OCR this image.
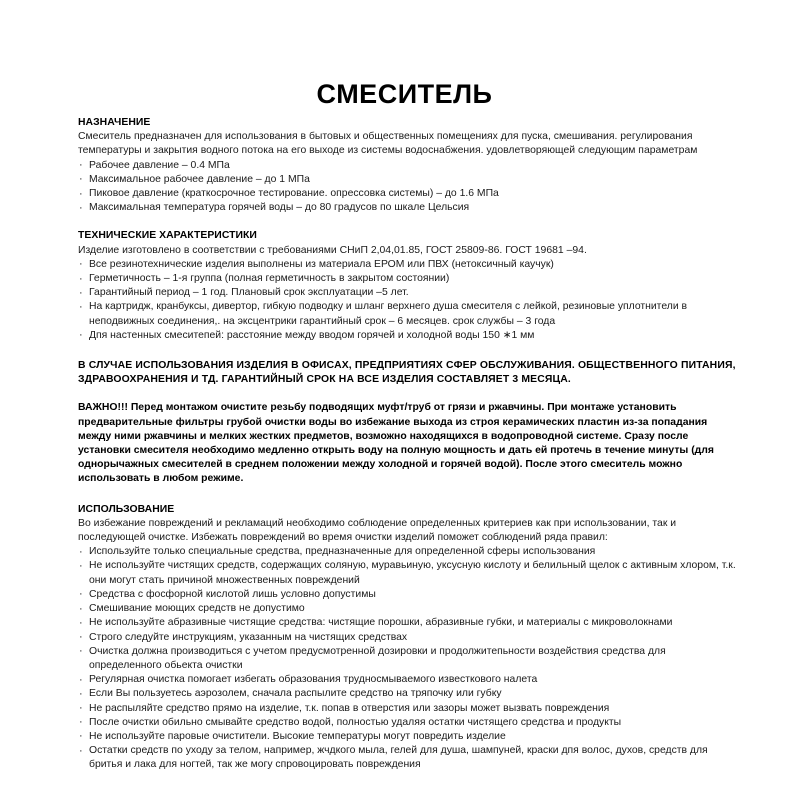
СМЕСИТЕЛЬ
НАЗНАЧЕНИЕ

Смеситель предназначен для использования в бытовых и общественных помещениях для пуска, смешивания. регулирования температуры и закрытия водного потока на его выходе из системы водоснабжения. удовлетворяющей следующим параметрам

· Рабочее давление – 0.4 МПа
· Максимальное рабочее давление – до 1 МПа
· Пиковое давление (краткосрочное тестирование. опрессовка системы) – до 1.6 МПа
· Максимальная температура горячей воды – до 80 градусов по шкале Цельсия
ТЕХНИЧЕСКИЕ ХАРАКТЕРИСТИКИ

Изделие изготовлено в соответствии с требованиями СНиП 2,04,01.85, ГОСТ 25809-86. ГОСТ 19681 –94.

· Все резинотехнические изделия выполнены из материала ЕРОМ или ПВХ (нетоксичный каучук)
· Герметичность – 1-я группа (полная герметичность в закрытом состоянии)
· Гарантийный период – 1 год. Плановый срок эксплуатации –5 лет.
· На картридж, кранбуксы, дивертор, гибкую подводку и шланг верхнего душа смесителя с лейкой, резиновые уплотнители в неподвижных соединения,. на эксцентрики гарантийный срок – 6 месяцев. срок службы – 3 года
· Дпя настенных смеситепей: расстояние между вводом горячей и холодной воды 150 ∗1 мм

В СЛУЧАЕ ИСПОЛЬЗОВАНИЯ ИЗДЕЛИЯ В ОФИСАХ, ПРЕДПРИЯТИЯХ СФЕР ОБСЛУЖИВАНИЯ. ОБЩЕСТВЕННОГО ПИТАНИЯ, ЗДРАВООХРАНЕНИЯ И ТД. ГАРАНТИЙНЫЙ СРОК НА ВСЕ ИЗДЕЛИЯ СОСТАВЛЯЕТ 3 МЕСЯЦА.

ВАЖНО!!! Перед монтажом очистите резьбу подводящих муфт/труб от грязи и ржавчины. При монтаже установить предварительные фильтры грубой очистки воды во избежание выхода из строя керамических пластин из-за попадания между ними ржавчины и мелких жестких предметов, возможно находящихся в водопроводной системе. Сразу после установки смесителя необходимо медленно открыть воду на полную мощность и дать ей протечь в течение минуты (для однорычажных смесителей в среднем положении между холодной и горячей водой). После этого смеситель можно использовать в любом режиме.

ИСПОЛЬЗОВАНИЕ

Во избежание повреждений и рекламаций необходимо соблюдение определенных критериев как при использовании, так и последующей очистке. Избежать повреждений во время очистки изделий поможет соблюдений ряда правил:

· Используйте только специальные средства, предназначенные для определенной сферы использования
· Не используйте чистящих средств, содержащих соляную, муравьиную, уксусную кислоту и белильный щелок с активным хлором, т.к. они могут стать причиной множественных повреждений
· Средства с фосфорной кислотой лишь условно допустимы
· Смешивание моющих средств не допустимо
· Не используйте абразивные чистящие средства: чистящие порошки, абразивные губки, и материалы с микроволокнами
· Строго следуйте инструкциям, указанным на чистящих средствах
· Очистка должна производиться с учетом предусмотренной дозировки и продолжитепьности воздействия средства для определенного обьекта очистки
· Регулярная очистка помогает избегать образования трудносмываемого известкового налета
· Если Вы пользуетесь аэрозолем, сначала распылите средство на тряпочку или губку
· Не распыляйте средство прямо на изделие, т.к. попав в отверстия или зазоры может вызвать повреждения
· После очистки обильно смывайте средство водой, полностью удаляя остатки чистящего средства и продукты
· Не используйте паровые очистители. Высокие температуры могут повредить изделие
· Остатки средств по уходу за телом, например, жчдкого мыла, гелей для душа, шампуней, краски дпя волос, духов, средств для бритья и лака для ногтей, так же могу спровоцировать повреждения
